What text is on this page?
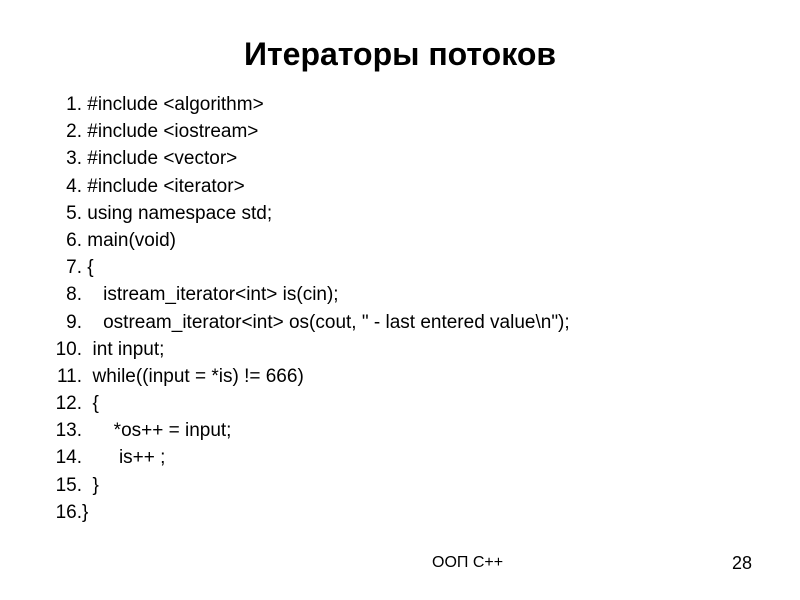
Итераторы потоков
1. #include <algorithm>
2. #include <iostream>
3. #include <vector>
4. #include <iterator>
5. using namespace std;
6. main(void)
7. {
8. istream_iterator<int> is(cin);
9. ostream_iterator<int> os(cout, " - last entered value\n");
10. int input;
11. while((input = *is) != 666)
12. {
13. *os++ = input;
14. is++ ;
15. }
16. }
ООП C++	28
